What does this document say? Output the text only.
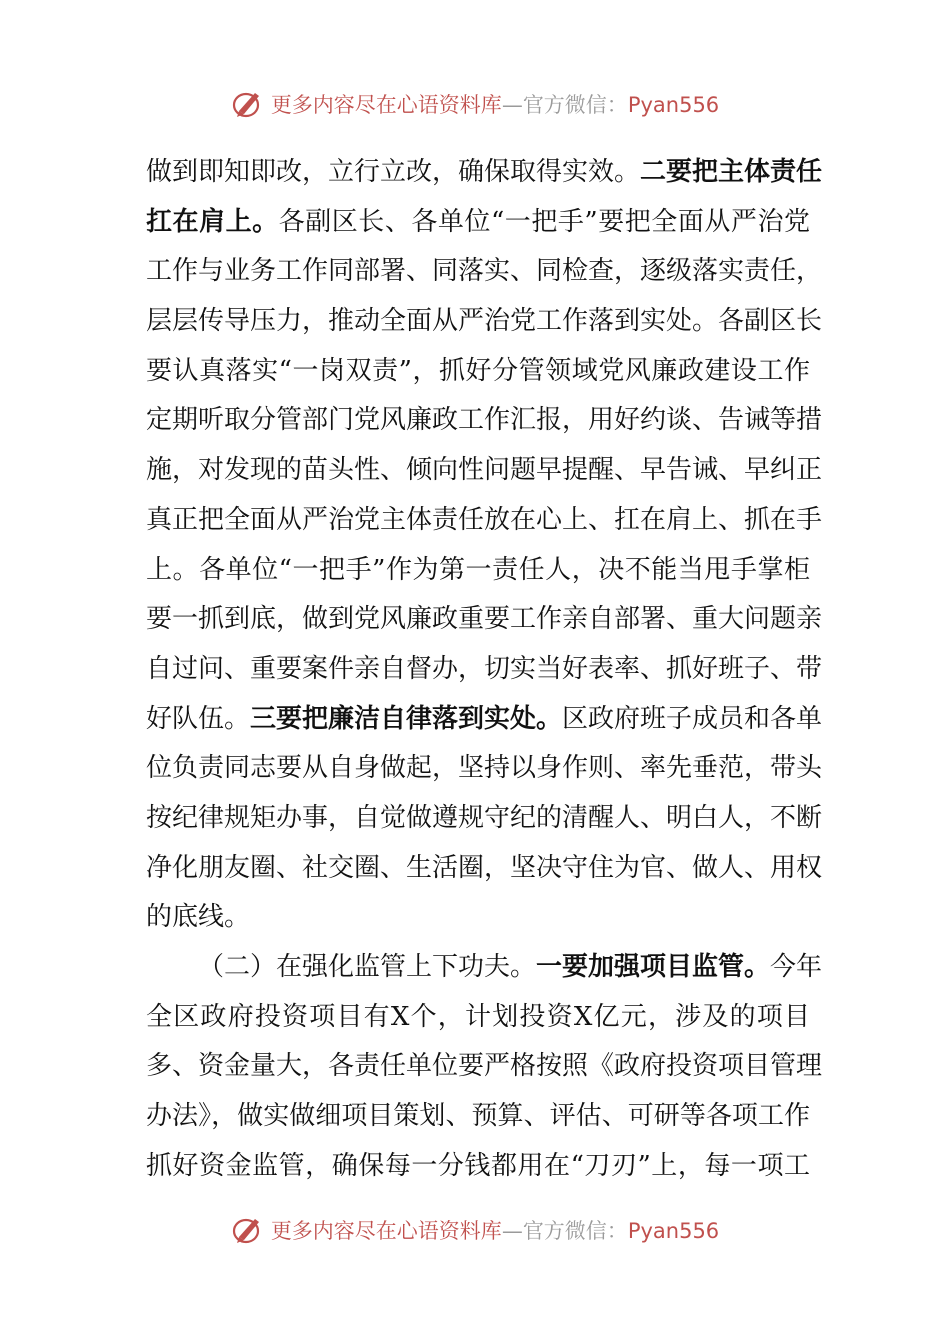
更多内容尽在心语资料库—官方微信：Pyan556
做到即知即改，立行立改，确保取得实效。二要把主体责任
扛在肩上。各副区长、各单位“一把手”要把全面从严治党
工作与业务工作同部署、同落实、同检查，逐级落实责任，
层层传导压力，推动全面从严治党工作落到实处。各副区长
要认真落实“一岗双责”，抓好分管领域党风廉政建设工作
定期听取分管部门党风廉政工作汇报，用好约谈、告诫等措
施，对发现的苗头性、倾向性问题早提醒、早告诫、早纠正
真正把全面从严治党主体责任放在心上、扛在肩上、抓在手
上。各单位“一把手”作为第一责任人，决不能当甩手掌柜
要一抓到底，做到党风廉政重要工作亲自部署、重大问题亲
自过问、重要案件亲自督办，切实当好表率、抓好班子、带
好队伍。三要把廉洁自律落到实处。区政府班子成员和各单
位负责同志要从自身做起，坚持以身作则、率先垂范，带头
按纪律规矩办事，自觉做遵规守纪的清醒人、明白人，不断
净化朋友圈、社交圈、生活圈，坚决守住为官、做人、用权
的底线。
（二）在强化监管上下功夫。一要加强项目监管。今年
全区政府投资项目有X个，计划投资X亿元，涉及的项目
多、资金量大，各责任单位要严格按照《政府投资项目管理
办法》，做实做细项目策划、预算、评估、可研等各项工作
抓好资金监管，确保每一分钱都用在“刀刃”上，每一项工
更多内容尽在心语资料库—官方微信：Pyan556
